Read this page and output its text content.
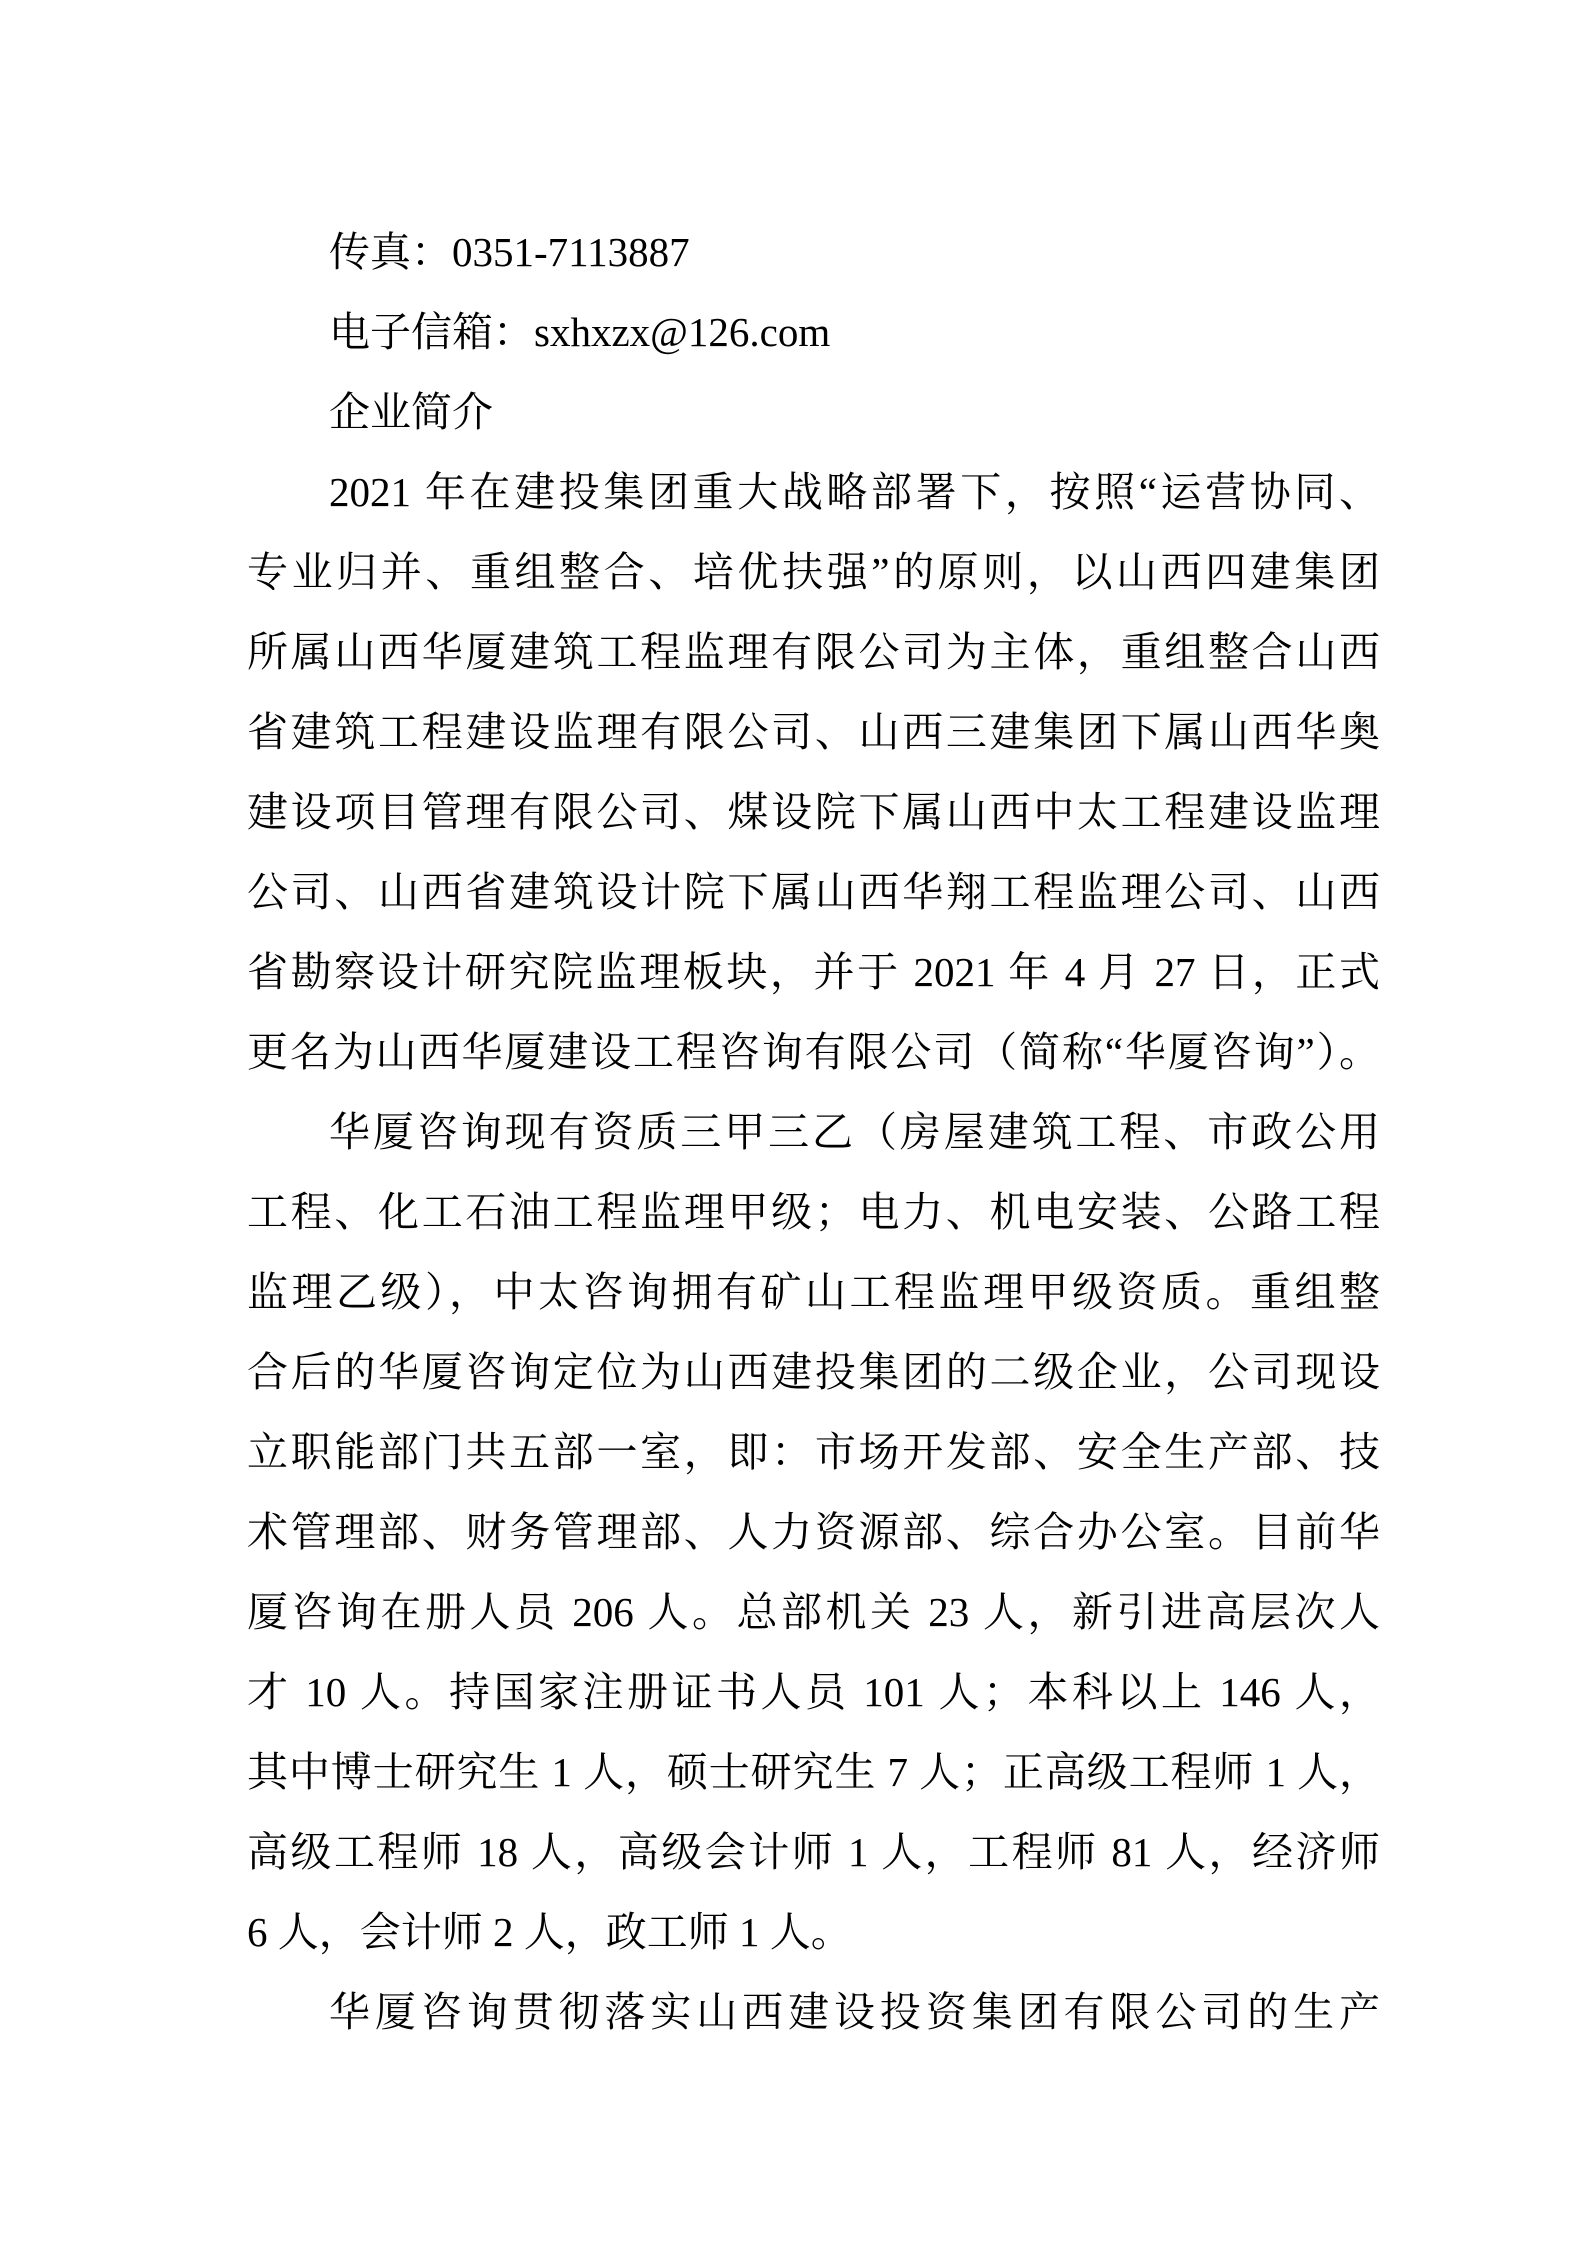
传真：0351-7113887
电子信箱：sxhxzx@126.com
企业简介
2021 年在建投集团重大战略部署下，按照“运营协同、
专业归并、重组整合、培优扶强”的原则，以山西四建集团
所属山西华厦建筑工程监理有限公司为主体，重组整合山西
省建筑工程建设监理有限公司、山西三建集团下属山西华奥
建设项目管理有限公司、煤设院下属山西中太工程建设监理
公司、山西省建筑设计院下属山西华翔工程监理公司、山西
省勘察设计研究院监理板块，并于 2021 年 4 月 27 日，正式
更名为山西华厦建设工程咨询有限公司（简称“华厦咨询”）。
华厦咨询现有资质三甲三乙（房屋建筑工程、市政公用
工程、化工石油工程监理甲级；电力、机电安装、公路工程
监理乙级），中太咨询拥有矿山工程监理甲级资质。重组整
合后的华厦咨询定位为山西建投集团的二级企业，公司现设
立职能部门共五部一室，即：市场开发部、安全生产部、技
术管理部、财务管理部、人力资源部、综合办公室。目前华
厦咨询在册人员 206 人。总部机关 23 人，新引进高层次人
才 10 人。持国家注册证书人员 101 人；本科以上 146 人，
其中博士研究生 1 人，硕士研究生 7 人；正高级工程师 1 人，
高级工程师 18 人，高级会计师 1 人，工程师 81 人，经济师
6 人，会计师 2 人，政工师 1 人。
华厦咨询贯彻落实山西建设投资集团有限公司的生产
